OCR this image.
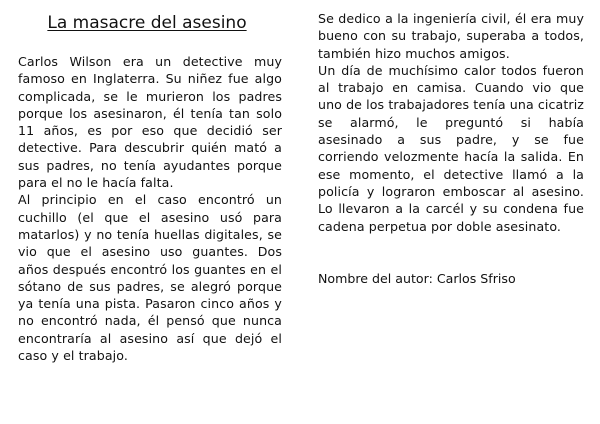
La masacre del asesino

Carlos Wilson era un detective muy famoso en Inglaterra. Su niñez fue algo complicada, se le murieron los padres porque los asesinaron, él tenía tan solo 11 años, es por eso que decidió ser detective. Para descubrir quién mató a sus padres, no tenía ayudantes porque para el no le hacía falta.

Al principio en el caso encontró un cuchillo (el que el asesino usó para matarlos) y no tenía huellas digitales, se vio que el asesino uso guantes. Dos años después encontró los guantes en el sótano de sus padres, se alegró porque ya tenía una pista. Pasaron cinco años y no encontró nada, él pensó que nunca encontraría al asesino así que dejó el caso y el trabajo.

Se dedico a la ingeniería civil, él era muy bueno con su trabajo, superaba a todos, también hizo muchos amigos.

Un día de muchísimo calor todos fueron al trabajo en camisa. Cuando vio que uno de los trabajadores tenía una cicatriz se alarmó, le preguntó si había asesinado a sus padre, y se fue corriendo velozmente hacía la salida. En ese momento, el detective llamó a la policía y lograron emboscar al asesino. Lo llevaron a la carcél y su condena fue cadena perpetua por doble asesinato.

Nombre del autor: Carlos Sfriso
